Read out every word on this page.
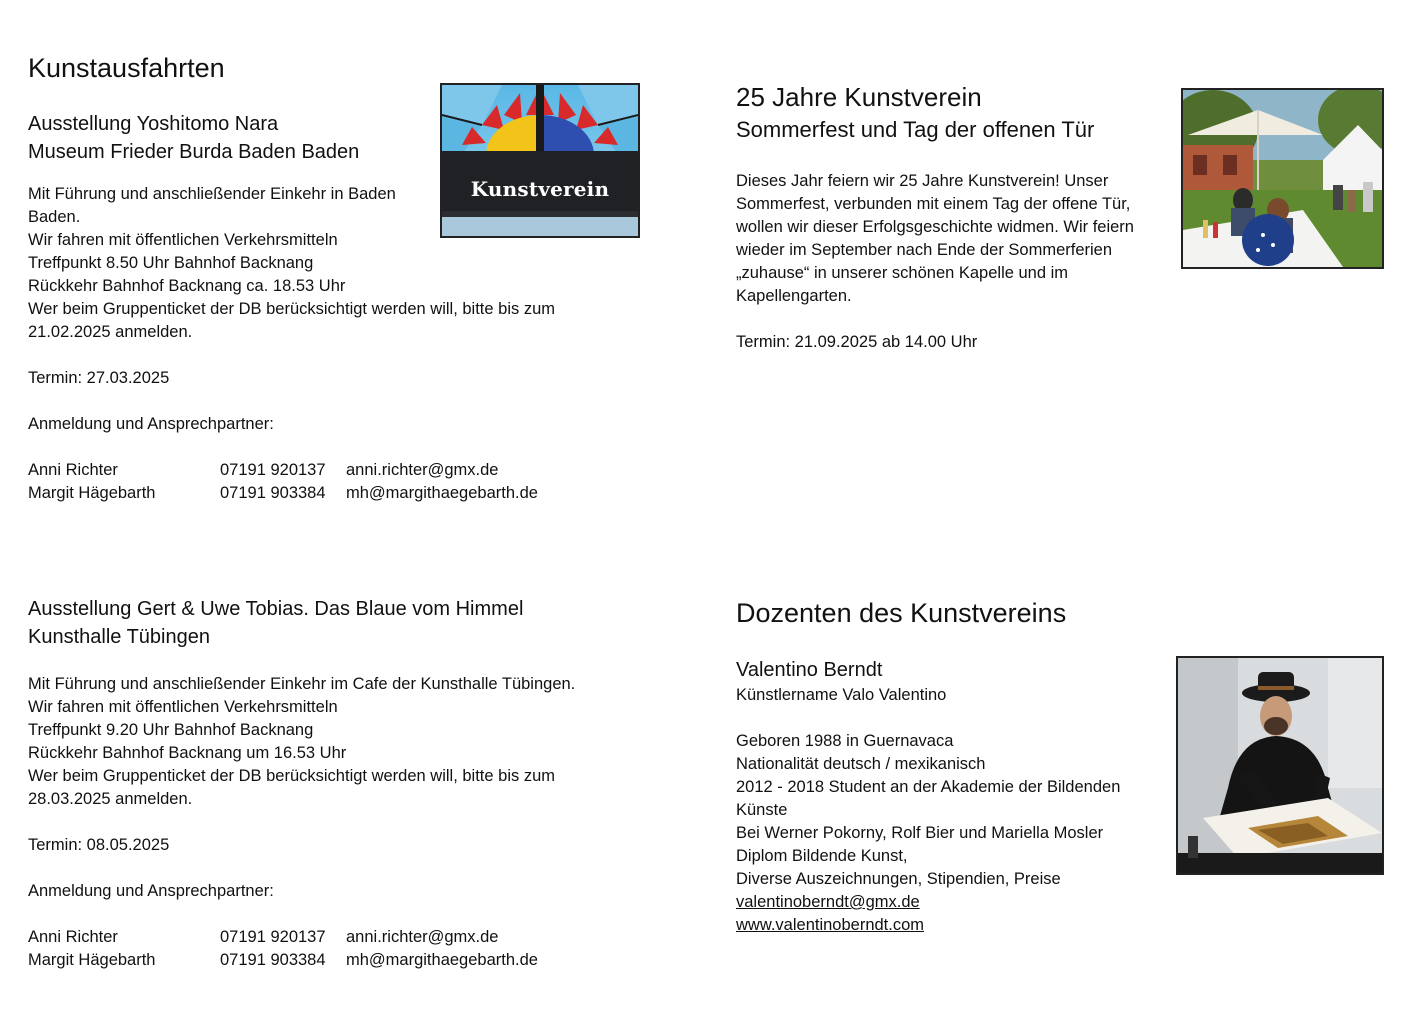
Kunstausfahrten
Ausstellung Yoshitomo Nara
Museum Frieder Burda Baden Baden
Mit Führung und anschließender Einkehr in Baden
Baden.
Wir fahren mit öffentlichen Verkehrsmitteln
Treffpunkt 8.50 Uhr Bahnhof Backnang
Rückkehr Bahnhof Backnang ca. 18.53 Uhr
Wer beim Gruppenticket der DB berücksichtigt werden will, bitte bis zum
21.02.2025 anmelden.
Termin: 27.03.2025
Anmeldung und Ansprechpartner:
Anni Richter	07191 920137	anni.richter@gmx.de
Margit Hägebarth	07191 903384	mh@margithaegebarth.de
Kunstverein
Ausstellung Gert & Uwe Tobias. Das Blaue vom Himmel
Kunsthalle Tübingen
Mit Führung und anschließender Einkehr im Cafe der Kunsthalle Tübingen.
Wir fahren mit öffentlichen Verkehrsmitteln
Treffpunkt 9.20 Uhr Bahnhof Backnang
Rückkehr Bahnhof Backnang um 16.53 Uhr
Wer beim Gruppenticket der DB berücksichtigt werden will, bitte bis zum
28.03.2025 anmelden.
Termin: 08.05.2025
Anmeldung und Ansprechpartner:
Anni Richter	07191 920137	anni.richter@gmx.de
Margit Hägebarth	07191 903384	mh@margithaegebarth.de
25 Jahre Kunstverein
Sommerfest und Tag der offenen Tür
Dieses Jahr feiern wir 25 Jahre Kunstverein! Unser
Sommerfest, verbunden mit einem Tag der offene Tür,
wollen wir dieser Erfolgsgeschichte widmen. Wir feiern
wieder im September nach Ende der Sommerferien
„zuhause“ in unserer schönen Kapelle und im
Kapellengarten.
Termin: 21.09.2025 ab 14.00 Uhr
Dozenten des Kunstvereins
Valentino Berndt
Künstlername Valo Valentino
Geboren 1988 in Guernavaca
Nationalität deutsch / mexikanisch
2012 - 2018 Student an der Akademie der Bildenden
Künste
Bei Werner Pokorny, Rolf Bier und Mariella Mosler
Diplom Bildende Kunst,
Diverse Auszeichnungen, Stipendien, Preise
valentinoberndt@gmx.de
www.valentinoberndt.com
